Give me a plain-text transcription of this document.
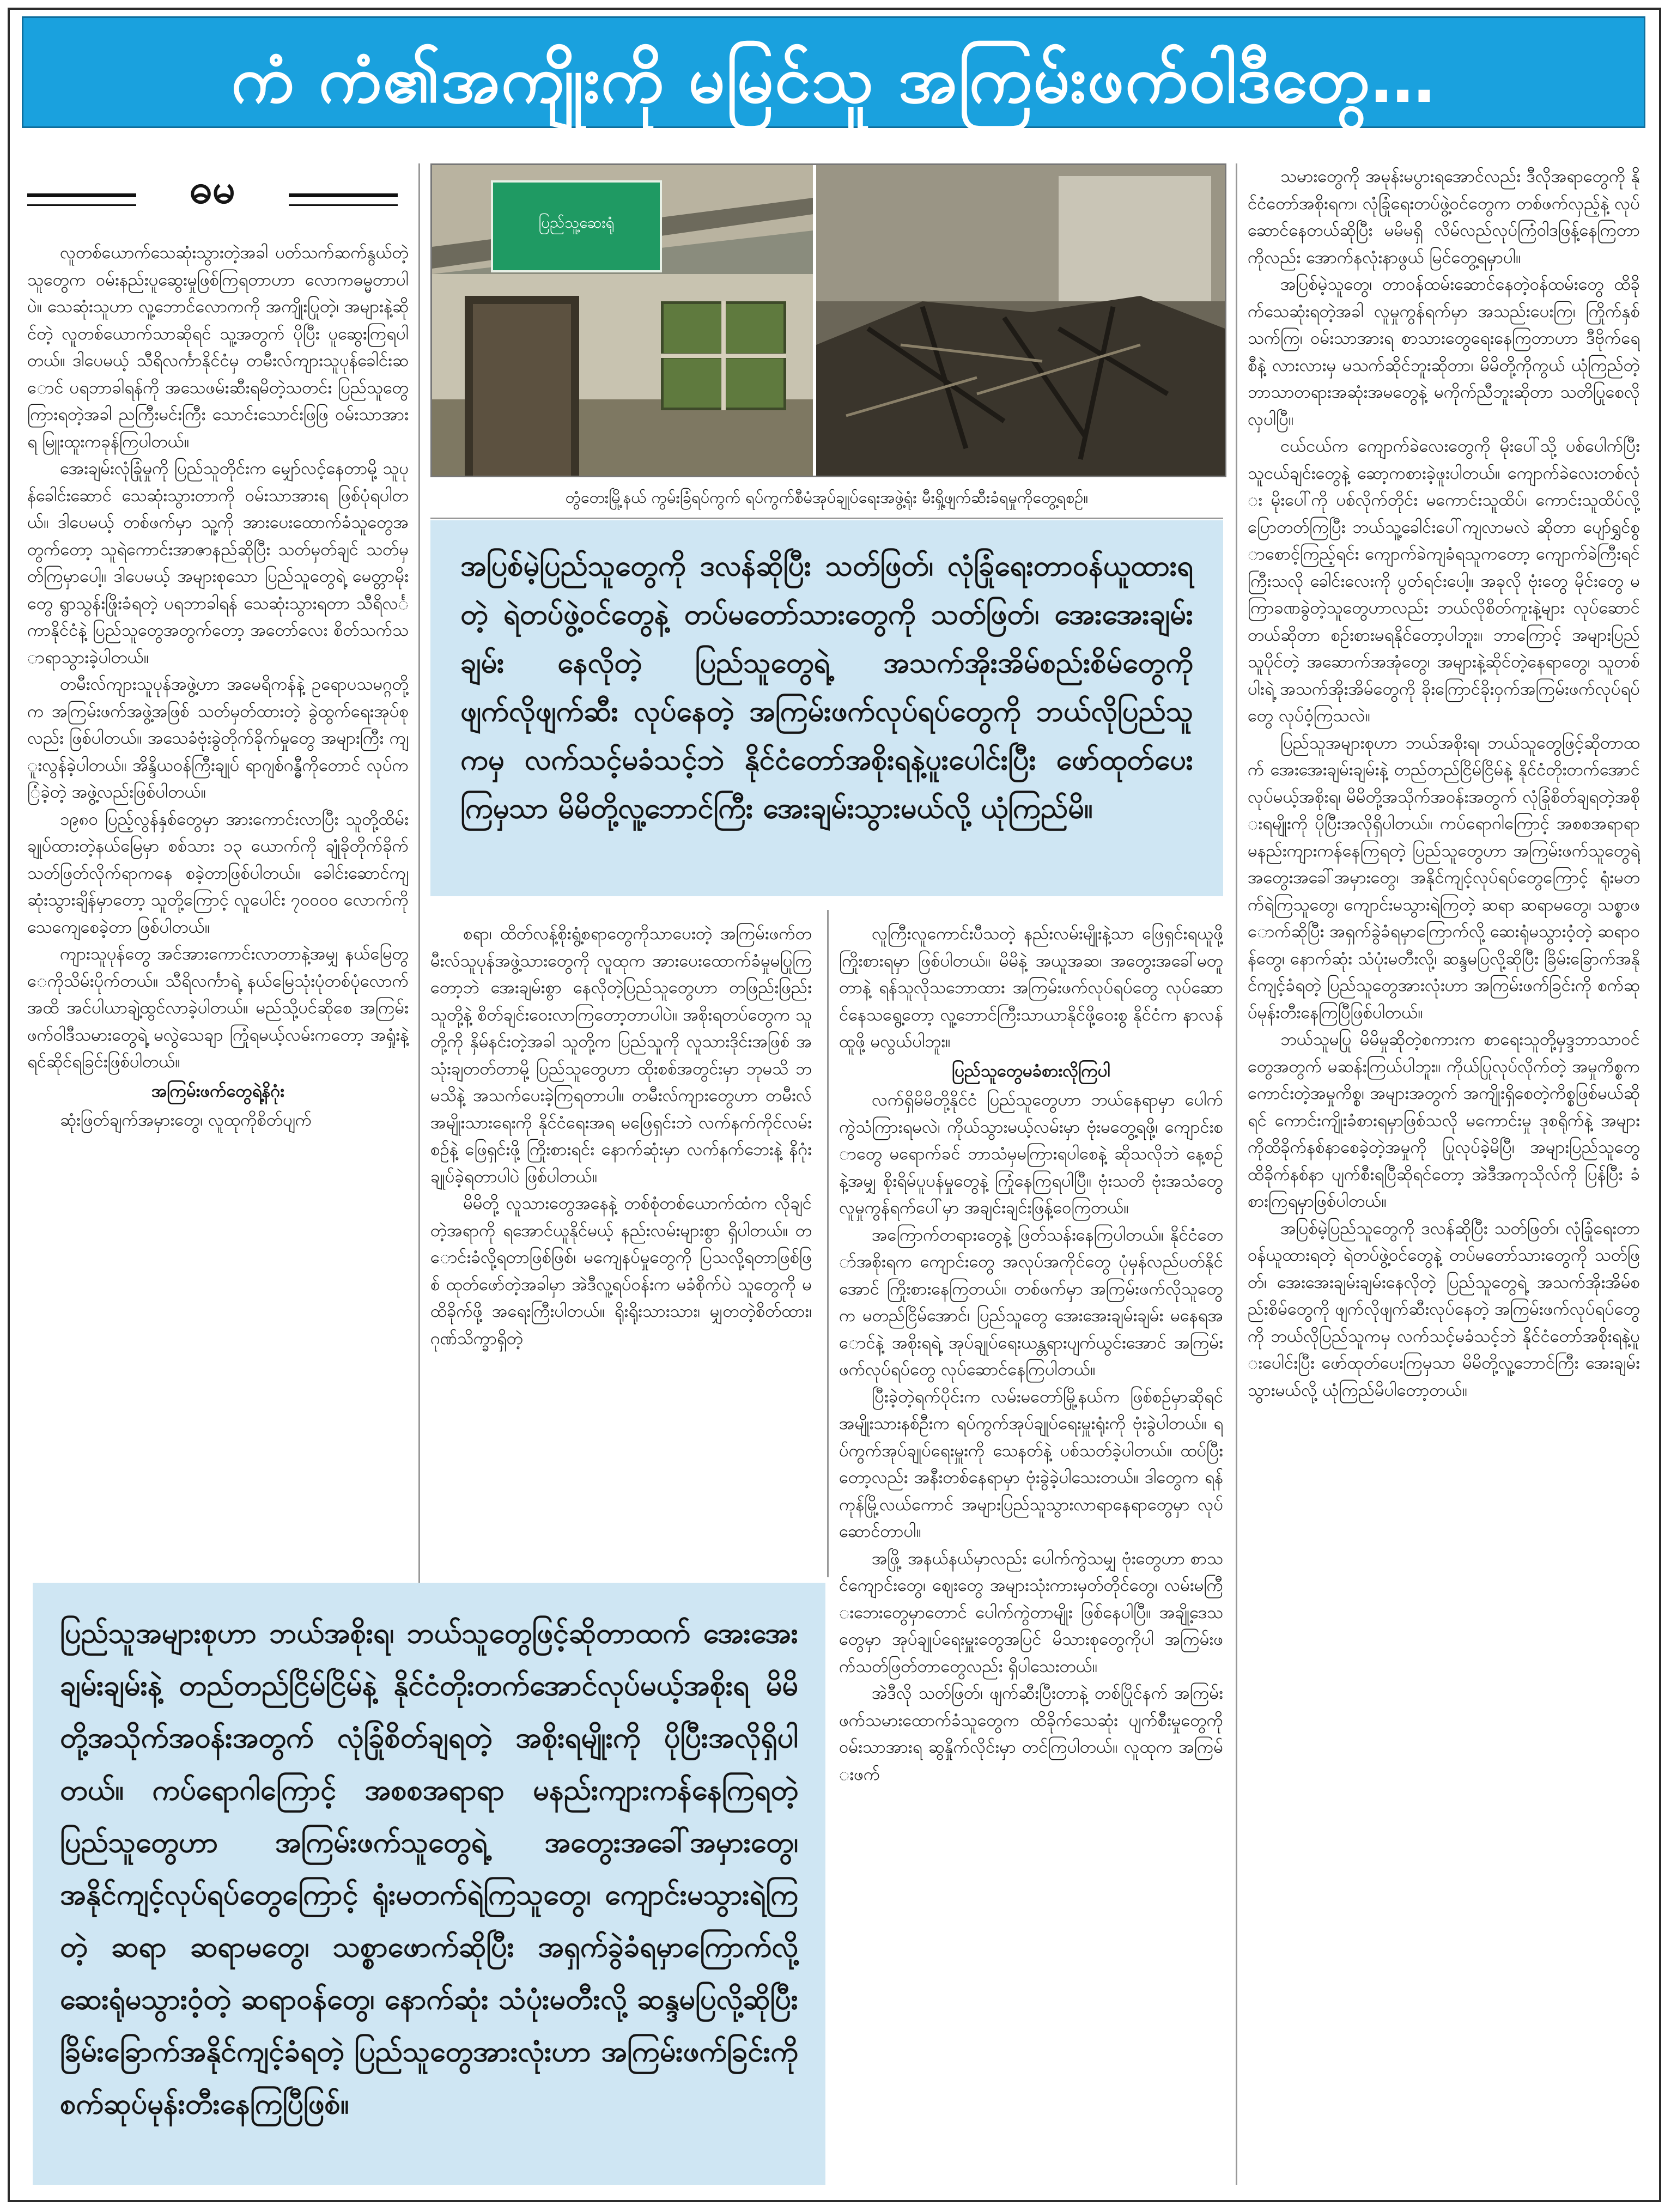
ကံ ကံ၏အကျိုးကို မမြင်သူ အကြမ်းဖက်ဝါဒီတွေ…
ဓမ
ပြည်သူ့ဆေးရုံ
တွံတေးမြို့နယ် ကွမ်းခြံရပ်ကွက် ရပ်ကွက်စီမံအုပ်ချုပ်ရေးအဖွဲ့ရုံး မီးရှို့ဖျက်ဆီးခံရမှုကိုတွေ့ရစဉ်။
အပြစ်မဲ့ပြည်သူတွေကို ဒလန်ဆိုပြီး သတ်ဖြတ်၊ လုံခြုံရေးတာဝန်ယူထားရတဲ့ ရဲတပ်ဖွဲ့ဝင်တွေနဲ့ တပ်မတော်သားတွေကို သတ်ဖြတ်၊ အေးအေးချမ်းချမ်း နေလိုတဲ့ ပြည်သူတွေရဲ့ အသက်အိုးအိမ်စည်းစိမ်တွေကို ဖျက်လိုဖျက်ဆီး လုပ်နေတဲ့ အကြမ်းဖက်လုပ်ရပ်တွေကို ဘယ်လိုပြည်သူကမှ လက်သင့်မခံသင့်ဘဲ နိုင်ငံတော်အစိုးရနဲ့ပူးပေါင်းပြီး ဖော်ထုတ်ပေးကြမှသာ မိမိတို့လူ့ဘောင်ကြီး အေးချမ်းသွားမယ်လို့ ယုံကြည်မိ။

လူတစ်ယောက်သေဆုံးသွားတဲ့အခါ ပတ်သက်ဆက်နွယ်တဲ့သူတွေက ဝမ်းနည်းပူဆွေးမှုဖြစ်ကြရတာဟာ လောကဓမ္မတာပါပဲ။ သေဆုံးသူဟာ လူ့ဘောင်လောကကို အကျိုးပြုတဲ့၊ အများနဲ့ဆိုင်တဲ့ လူတစ်ယောက်သာဆိုရင် သူ့အတွက် ပိုပြီး ပူဆွေးကြရပါတယ်။ ဒါပေမယ့် သီရိလင်္ကာနိုင်ငံမှ တမီးလ်ကျားသူပုန်ခေါင်းဆောင် ပရဘာခါရန်ကို အသေဖမ်းဆီးရမိတဲ့သတင်း ပြည်သူတွေကြားရတဲ့အခါ ညကြီးမင်းကြီး သောင်းသောင်းဖြဖြ ဝမ်းသာအားရ မြူးထူးကခုန်ကြပါတယ်။

အေးချမ်းလုံခြုံမှုကို ပြည်သူတိုင်းက မျှော်လင့်နေတာမို့ သူပုန်ခေါင်းဆောင် သေဆုံးသွားတာကို ဝမ်းသာအားရ ဖြစ်ပုံရပါတယ်။ ဒါပေမယ့် တစ်ဖက်မှာ သူ့ကို အားပေးထောက်ခံသူတွေအတွက်တော့ သူရဲကောင်းအာဇာနည်ဆိုပြီး သတ်မှတ်ချင် သတ်မှတ်ကြမှာပေါ့။ ဒါပေမယ့် အများစုသော ပြည်သူတွေရဲ့ မေတ္တာမိုးတွေ ရွာသွန်းဖြိုးခံရတဲ့ ပရဘာခါရန် သေဆုံးသွားရတာ သီရိလင်္ကာနိုင်ငံနဲ့ ပြည်သူတွေအတွက်တော့ အတော်လေး စိတ်သက်သာရာသွားခဲ့ပါတယ်။

တမီးလ်ကျားသူပုန်အဖွဲ့ဟာ အမေရိကန်နဲ့ ဥရောပသမဂ္ဂတို့က အကြမ်းဖက်အဖွဲ့အဖြစ် သတ်မှတ်ထားတဲ့ ခွဲထွက်ရေးအုပ်စုလည်း ဖြစ်ပါတယ်။ အသေခံဗုံးခွဲတိုက်ခိုက်မှုတွေ အများကြီး ကျူးလွန်ခဲ့ပါတယ်။ အိန္ဒိယဝန်ကြီးချုပ် ရာဂျစ်ဂန္ဓီကိုတောင် လုပ်ကြံခဲ့တဲ့ အဖွဲ့လည်းဖြစ်ပါတယ်။

၁၉၈၀ ပြည့်လွန်နှစ်တွေမှာ အားကောင်းလာပြီး သူတို့ထိမ်းချုပ်ထားတဲ့နယ်မြေမှာ စစ်သား ၁၃ ယောက်ကို ချုံခိုတိုက်ခိုက်သတ်ဖြတ်လိုက်ရာကနေ စခဲ့တာဖြစ်ပါတယ်။ ခေါင်းဆောင်ကျဆုံးသွားချိန်မှာတော့ သူတို့ကြောင့် လူပေါင်း ၇၀၀၀၀ လောက်ကို သေကျေစေခဲ့တာ ဖြစ်ပါတယ်။

ကျားသူပုန်တွေ အင်အားကောင်းလာတာနဲ့အမျှ နယ်မြေတွေကိုသိမ်းပိုက်တယ်။ သီရိလင်္ကာရဲ့ နယ်မြေသုံးပုံတစ်ပုံလောက်အထိ အင်ပါယာချဲ့ထွင်လာခဲ့ပါတယ်။ မည်သို့ပင်ဆိုစေ အကြမ်းဖက်ဝါဒီသမားတွေရဲ့ မလွဲသေချာ ကြုံရမယ့်လမ်းကတော့ အရှုံးနဲ့ ရင်ဆိုင်ရခြင်းဖြစ်ပါတယ်။

အကြမ်းဖက်တွေရဲ့နိဂုံး

ဆုံးဖြတ်ချက်အမှားတွေ၊ လူထုကိုစိတ်ပျက်

စရာ၊ ထိတ်လန့်စိုးရွံ့စရာတွေကိုသာပေးတဲ့ အကြမ်းဖက်တမီးလ်သူပုန်အဖွဲ့သားတွေကို လူထုက အားပေးထောက်ခံမှုမပြုကြတော့ဘဲ အေးချမ်းစွာ နေလိုတဲ့ပြည်သူတွေဟာ တဖြည်းဖြည်း သူတို့နဲ့ စိတ်ချင်းဝေးလာကြတော့တာပါပဲ။ အစိုးရတပ်တွေက သူတို့ကို နှိမ်နင်းတဲ့အခါ သူတို့က ပြည်သူကို လူသားဒိုင်းအဖြစ် အသုံးချတတ်တာမို့ ပြည်သူတွေဟာ ထိုးစစ်အတွင်းမှာ ဘုမသိ ဘမသိနဲ့ အသက်ပေးခဲ့ကြရတာပါ။ တမီးလ်ကျားတွေဟာ တမီးလ်အမျိုးသားရေးကို နိုင်ငံရေးအရ မဖြေရှင်းဘဲ လက်နက်ကိုင်လမ်းစဉ်နဲ့ ဖြေရှင်းဖို့ ကြိုးစားရင်း နောက်ဆုံးမှာ လက်နက်ဘေးနဲ့ နိဂုံးချုပ်ခဲ့ရတာပါပဲ ဖြစ်ပါတယ်။

မိမိတို့ လူသားတွေအနေနဲ့ တစ်စုံတစ်ယောက်ထံက လိုချင်တဲ့အရာကို ရအောင်ယူနိုင်မယ့် နည်းလမ်းများစွာ ရှိပါတယ်။ တောင်းခံလို့ရတာဖြစ်ဖြစ်၊ မကျေနပ်မှုတွေကို ပြသလို့ရတာဖြစ်ဖြစ် ထုတ်ဖော်တဲ့အခါမှာ အဲဒီလူ့ရပ်ဝန်းက မခံစိုက်ပဲ သူတွေကို မထိခိုက်ဖို့ အရေးကြီးပါတယ်။ ရိုးရိုးသားသား၊ မျှတတဲ့စိတ်ထား၊ ဂုဏ်သိက္ခာရှိတဲ့

လူကြီးလူကောင်းပီသတဲ့ နည်းလမ်းမျိုးနဲ့သာ ဖြေရှင်းရယူဖို့ ကြိုးစားရမှာ ဖြစ်ပါတယ်။ မိမိနဲ့ အယူအဆ၊ အတွေးအခေါ်မတူတာနဲ့ ရန်သူလိုသဘောထား အကြမ်းဖက်လုပ်ရပ်တွေ လုပ်ဆောင်နေသရွေ့တော့ လူ့ဘောင်ကြီးသာယာနိုင်ဖို့ဝေးစွ နိုင်ငံက နာလန်ထူဖို့ မလွယ်ပါဘူး။

ပြည်သူတွေမခံစားလိုကြပါ

လက်ရှိမိမိတို့နိုင်ငံ ပြည်သူတွေဟာ ဘယ်နေရာမှာ ပေါက်ကွဲသံကြားရမလဲ၊ ကိုယ်သွားမယ့်လမ်းမှာ ဗုံးမတွေ့ရဖို့၊ ကျောင်းစာတွေ မရောက်ခင် ဘာသံမှမကြားရပါစေနဲ့ ဆိုသလိုဘဲ နေ့စဉ်နဲ့အမျှ စိုးရိမ်ပူပန်မှုတွေနဲ့ ကြုံနေကြရပါပြီ။ ဗုံးသတိ ဗုံးအသံတွေ လူမှုကွန်ရက်ပေါ်မှာ အချင်းချင်းဖြန့်ဝေကြတယ်။

အကြောက်တရားတွေနဲ့ ဖြတ်သန်းနေကြပါတယ်။ နိုင်ငံတော်အစိုးရက ကျောင်းတွေ အလုပ်အကိုင်တွေ ပုံမှန်လည်ပတ်နိုင်အောင် ကြိုးစားနေကြတယ်။ တစ်ဖက်မှာ အကြမ်းဖက်လိုသူတွေက မတည်ငြိမ်အောင်၊ ပြည်သူတွေ အေးအေးချမ်းချမ်း မနေရအောင်နဲ့ အစိုးရရဲ့ အုပ်ချုပ်ရေးယန္တရားပျက်ယွင်းအောင် အကြမ်းဖက်လုပ်ရပ်တွေ လုပ်ဆောင်နေကြပါတယ်။

ပြီးခဲ့တဲ့ရက်ပိုင်းက လမ်းမတော်မြို့နယ်က ဖြစ်စဉ်မှာဆိုရင် အမျိုးသားနစ်ဦးက ရပ်ကွက်အုပ်ချုပ်ရေးမှူးရုံးကို ဗုံးခွဲပါတယ်။ ရပ်ကွက်အုပ်ချုပ်ရေးမှူးကို သေနတ်နဲ့ ပစ်သတ်ခဲ့ပါတယ်။ ထပ်ပြီးတော့လည်း အနီးတစ်နေရာမှာ ဗုံးခွဲခဲ့ပါသေးတယ်။ ဒါတွေက ရန်ကုန်မြို့လယ်ကောင် အများပြည်သူသွားလာရာနေရာတွေမှာ လုပ်ဆောင်တာပါ။

အဖြို့ အနယ်နယ်မှာလည်း ပေါက်ကွဲသမျှ ဗုံးတွေဟာ စာသင်ကျောင်းတွေ၊ ဈေးတွေ အများသုံးကားမှတ်တိုင်တွေ၊ လမ်းမကြီးဘေးတွေမှာတောင် ပေါက်ကွဲတာမျိုး ဖြစ်နေပါပြီ။ အချို့ဒေသတွေမှာ အုပ်ချုပ်ရေးမှူးတွေအပြင် မိသားစုတွေကိုပါ အကြမ်းဖက်သတ်ဖြတ်တာတွေလည်း ရှိပါသေးတယ်။

အဲဒီလို သတ်ဖြတ်၊ ဖျက်ဆီးပြီးတာနဲ့ တစ်ပြိုင်နက် အကြမ်းဖက်သမားထောက်ခံသူတွေက ထိခိုက်သေဆုံး ပျက်စီးမှုတွေကို ဝမ်းသာအားရ ဆွနှိုက်လိုင်းမှာ တင်ကြပါတယ်။ လူထုက အကြမ်းဖက်

သမားတွေကို အမုန်းမပွားရအောင်လည်း ဒီလိုအရာတွေကို နိုင်ငံတော်အစိုးရက၊ လုံခြုံရေးတပ်ဖွဲ့ဝင်တွေက တစ်ဖက်လှည့်နဲ့ လုပ်ဆောင်နေတယ်ဆိုပြီး မမိမရှိ လိမ်လည်လုပ်ကြံဝါဒဖြန့်နေကြတာကိုလည်း အောက်နလုံးနာဖွယ် မြင်တွေ့ရမှာပါ။

အပြစ်မဲ့သူတွေ၊ တာဝန်ထမ်းဆောင်နေတဲ့ဝန်ထမ်းတွေ ထိခိုက်သေဆုံးရတဲ့အခါ လူမှုကွန်ရက်မှာ အသည်းပေးကြ၊ ကြိုက်နှစ်သက်ကြ၊ ဝမ်းသာအားရ စာသားတွေရေးနေကြတာဟာ ဒီဗိုက်ရေစီနဲ့ လားလားမှ မသက်ဆိုင်ဘူးဆိုတာ၊ မိမိတို့ကိုကွယ် ယုံကြည်တဲ့ ဘာသာတရားအဆုံးအမတွေနဲ့ မကိုက်ညီဘူးဆိုတာ သတိပြုစေလိုလှပါပြီ။

ငယ်ငယ်က ကျောက်ခဲလေးတွေကို မိုးပေါ်သို့ ပစ်ပေါက်ပြီး သူငယ်ချင်းတွေနဲ့ ဆော့ကစားခဲ့ဖူးပါတယ်။ ကျောက်ခဲလေးတစ်လုံး မိုးပေါ်ကို ပစ်လိုက်တိုင်း မကောင်းသူထိပ်၊ ကောင်းသူထိပ်လို့ ပြောတတ်ကြပြီး ဘယ်သူ့ခေါင်းပေါ်ကျလာမလဲ ဆိုတာ ပျော်ရွှင်စွာစောင့်ကြည့်ရင်း ကျောက်ခဲကျခံရသူကတော့ ကျောက်ခဲကြီးရင် ကြီးသလို ခေါင်းလေးကို ပွတ်ရင်းပေါ့။ အခုလို ဗုံးတွေ မိုင်းတွေ မကြာခဏခွဲတဲ့သူတွေဟာလည်း ဘယ်လိုစိတ်ကူးနဲ့များ လုပ်ဆောင်တယ်ဆိုတာ စဉ်းစားမရနိုင်တော့ပါဘူး။ ဘာကြောင့် အများပြည်သူပိုင်တဲ့ အဆောက်အအုံတွေ၊ အများနဲ့ဆိုင်တဲ့နေရာတွေ၊ သူတစ်ပါးရဲ့ အသက်အိုးအိမ်တွေကို ခိုးကြောင်ခိုးဝှက်အကြမ်းဖက်လုပ်ရပ်တွေ လုပ်ဝံ့ကြသလဲ။

ပြည်သူအများစုဟာ ဘယ်အစိုးရ၊ ဘယ်သူတွေဖြင့်ဆိုတာထက် အေးအေးချမ်းချမ်းနဲ့ တည်တည်ငြိမ်ငြိမ်နဲ့ နိုင်ငံတိုးတက်အောင်လုပ်မယ့်အစိုးရ၊ မိမိတို့အသိုက်အဝန်းအတွက် လုံခြုံစိတ်ချရတဲ့အစိုးရမျိုးကို ပိုပြီးအလိုရှိပါတယ်။ ကပ်ရောဂါကြောင့် အစစအရာရာ မနည်းကျားကန်နေကြရတဲ့ ပြည်သူတွေဟာ အကြမ်းဖက်သူတွေရဲ့ အတွေးအခေါ်အမှားတွေ၊ အနိုင်ကျင့်လုပ်ရပ်တွေကြောင့် ရုံးမတက်ရဲကြသူတွေ၊ ကျောင်းမသွားရဲကြတဲ့ ဆရာ ဆရာမတွေ၊ သစ္စာဖောက်ဆိုပြီး အရှက်ခွဲခံရမှာကြောက်လို့ ဆေးရုံမသွားဝံ့တဲ့ ဆရာဝန်တွေ၊ နောက်ဆုံး သံပုံးမတီးလို့၊ ဆန္ဒမပြလို့ဆိုပြီး ခြိမ်းခြောက်အနိုင်ကျင့်ခံရတဲ့ ပြည်သူတွေအားလုံးဟာ အကြမ်းဖက်ခြင်းကို စက်ဆုပ်မုန်းတီးနေကြပြီဖြစ်ပါတယ်။

ဘယ်သူမပြု မိမိမှုဆိုတဲ့စကားက စာရေးသူတို့မှဒ္ဒဘာသာဝင်တွေအတွက် မဆန်းကြယ်ပါဘူး။ ကိုယ်ပြုလုပ်လိုက်တဲ့ အမှုကိစ္စက ကောင်းတဲ့အမှုကိစ္စ၊ အများအတွက် အကျိုးရှိစေတဲ့ကိစ္စဖြစ်မယ်ဆိုရင် ကောင်းကျိုးခံစားရမှာဖြစ်သလို မကောင်းမှု ဒုစရိုက်နဲ့ အများကိုထိခိုက်နစ်နာစေခဲ့တဲ့အမှုကို ပြုလုပ်ခဲ့မိပြီ၊ အများပြည်သူတွေ ထိခိုက်နစ်နာ ပျက်စီးရပြီဆိုရင်တော့ အဲဒီအကုသိုလ်ကို ပြန်ပြီး ခံစားကြရမှာဖြစ်ပါတယ်။

အပြစ်မဲ့ပြည်သူတွေကို ဒလန်ဆိုပြီး သတ်ဖြတ်၊ လုံခြုံရေးတာဝန်ယူထားရတဲ့ ရဲတပ်ဖွဲ့ဝင်တွေနဲ့ တပ်မတော်သားတွေကို သတ်ဖြတ်၊ အေးအေးချမ်းချမ်းနေလိုတဲ့ ပြည်သူတွေရဲ့ အသက်အိုးအိမ်စည်းစိမ်တွေကို ဖျက်လိုဖျက်ဆီးလုပ်နေတဲ့ အကြမ်းဖက်လုပ်ရပ်တွေကို ဘယ်လိုပြည်သူကမှ လက်သင့်မခံသင့်ဘဲ နိုင်ငံတော်အစိုးရနဲ့ပူးပေါင်းပြီး ဖော်ထုတ်ပေးကြမှသာ မိမိတို့လူ့ဘောင်ကြီး အေးချမ်းသွားမယ်လို့ ယုံကြည်မိပါတော့တယ်။

ပြည်သူအများစုဟာ ဘယ်အစိုးရ၊ ဘယ်သူတွေဖြင့်ဆိုတာထက် အေးအေးချမ်းချမ်းနဲ့ တည်တည်ငြိမ်ငြိမ်နဲ့ နိုင်ငံတိုးတက်အောင်လုပ်မယ့်အစိုးရ မိမိတို့အသိုက်အဝန်းအတွက် လုံခြုံစိတ်ချရတဲ့ အစိုးရမျိုးကို ပိုပြီးအလိုရှိပါတယ်။ ကပ်ရောဂါကြောင့် အစစအရာရာ မနည်းကျားကန်နေကြရတဲ့ ပြည်သူတွေဟာ အကြမ်းဖက်သူတွေရဲ့ အတွေးအခေါ်အမှားတွေ၊ အနိုင်ကျင့်လုပ်ရပ်တွေကြောင့် ရုံးမတက်ရဲကြသူတွေ၊ ကျောင်းမသွားရဲကြတဲ့ ဆရာ ဆရာမတွေ၊ သစ္စာဖောက်ဆိုပြီး အရှက်ခွဲခံရမှာကြောက်လို့ ဆေးရုံမသွားဝံ့တဲ့ ဆရာဝန်တွေ၊ နောက်ဆုံး သံပုံးမတီးလို့ ဆန္ဒမပြလို့ဆိုပြီး ခြိမ်းခြောက်အနိုင်ကျင့်ခံရတဲ့ ပြည်သူတွေအားလုံးဟာ အကြမ်းဖက်ခြင်းကို စက်ဆုပ်မုန်းတီးနေကြပြီဖြစ်။
